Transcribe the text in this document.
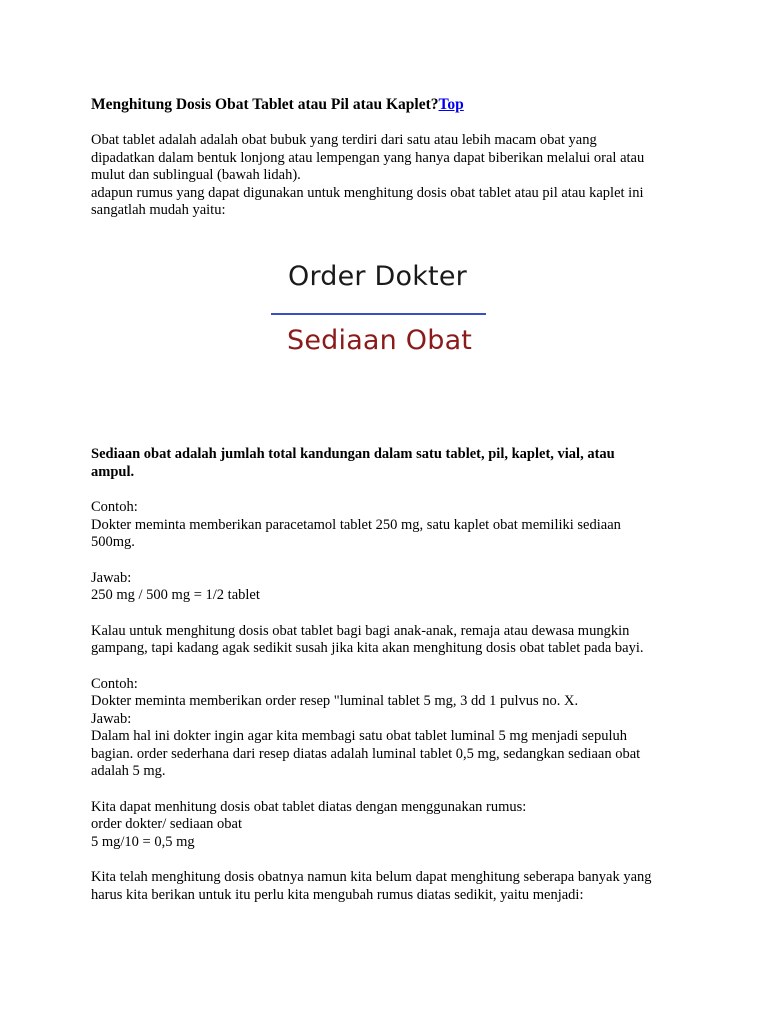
Menghitung Dosis Obat Tablet atau Pil atau Kaplet?Top

Obat tablet adalah adalah obat bubuk yang terdiri dari satu atau lebih macam obat yang

dipadatkan dalam bentuk lonjong atau lempengan yang hanya dapat biberikan melalui oral atau

mulut dan sublingual (bawah lidah).

adapun rumus yang dapat digunakan untuk menghitung dosis obat tablet atau pil atau kaplet ini

sangatlah mudah yaitu:

Order Dokter
Sediaan Obat

Sediaan obat adalah jumlah total kandungan dalam satu tablet, pil, kaplet, vial, atau

ampul.

Contoh:

Dokter meminta memberikan paracetamol tablet 250 mg, satu kaplet obat memiliki sediaan

500mg.

Jawab:

250 mg / 500 mg = 1/2 tablet

Kalau untuk menghitung dosis obat tablet bagi bagi anak-anak, remaja atau dewasa mungkin

gampang, tapi kadang agak sedikit susah jika kita akan menghitung dosis obat tablet pada bayi.

Contoh:

Dokter meminta memberikan order resep "luminal tablet 5 mg, 3 dd 1 pulvus no. X.

Jawab:

Dalam hal ini dokter ingin agar kita membagi satu obat tablet luminal 5 mg menjadi sepuluh

bagian. order sederhana dari resep diatas adalah luminal tablet 0,5 mg, sedangkan sediaan obat

adalah 5 mg.

Kita dapat menhitung dosis obat tablet diatas dengan menggunakan rumus:

order dokter/ sediaan obat

5 mg/10 = 0,5 mg

Kita telah menghitung dosis obatnya namun kita belum dapat menghitung seberapa banyak yang

harus kita berikan untuk itu perlu kita mengubah rumus diatas sedikit, yaitu menjadi:
